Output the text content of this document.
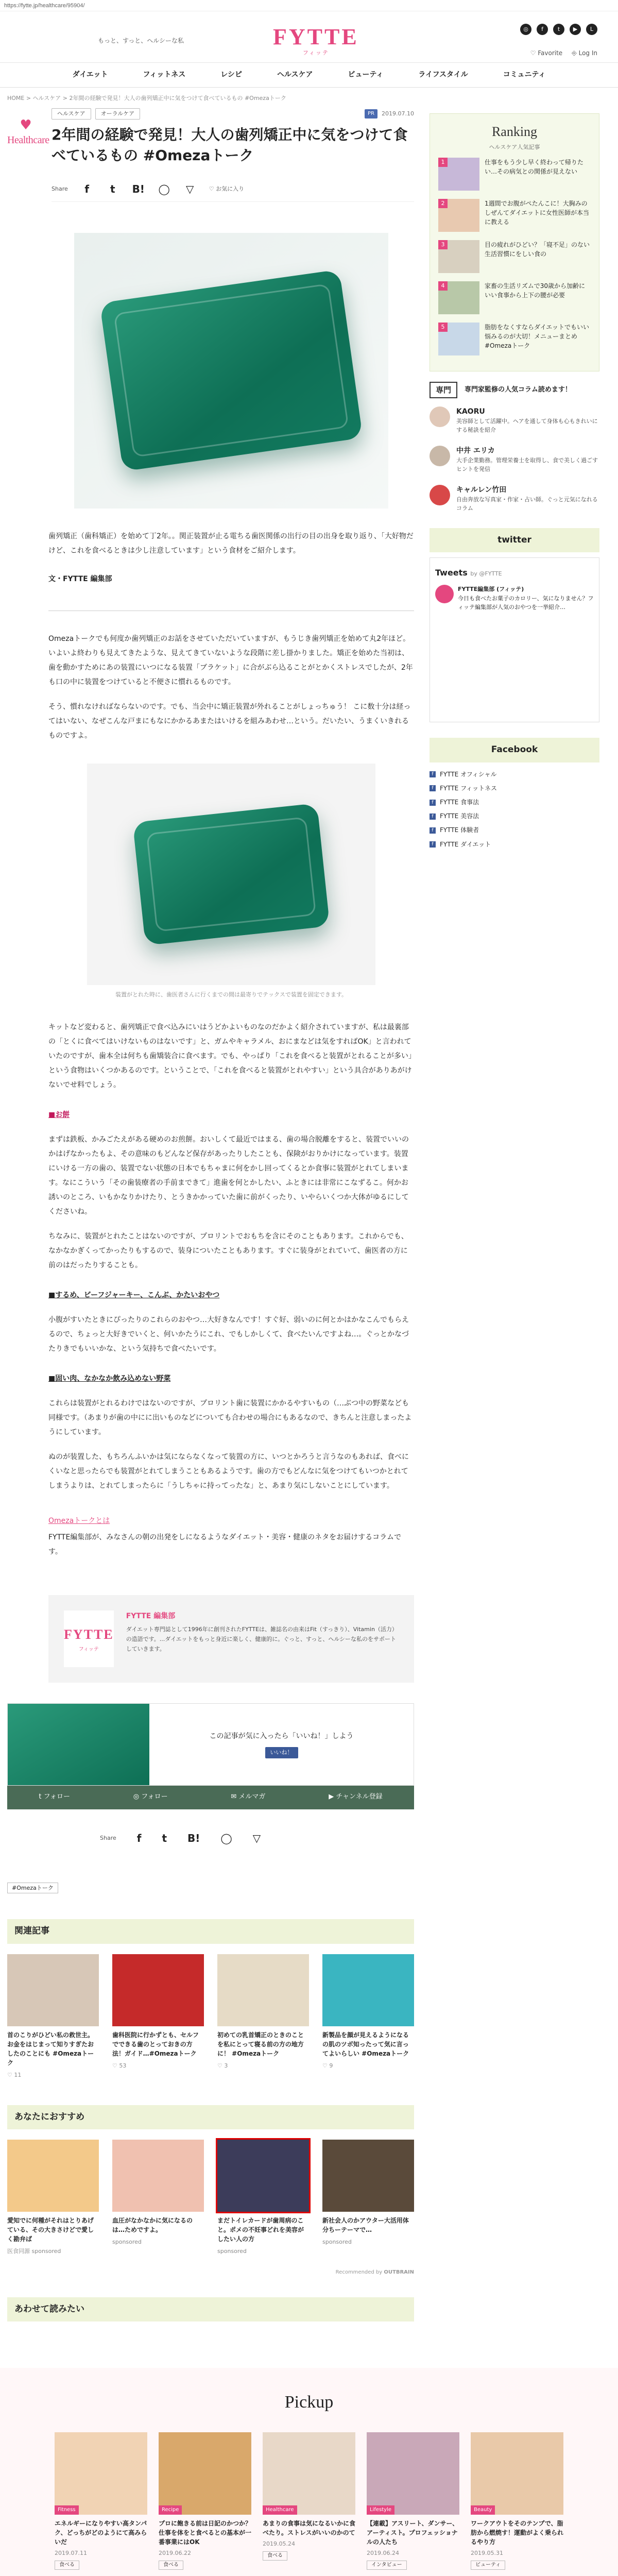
https://fytte.jp/healthcare/95904/
もっと、すっと、ヘルシーな私	FYTTE
フィッテ
◎	f	t	▶	L
♡ Favorite ⎆ Log In
ダイエット	フィットネス	レシピ	ヘルスケア	ビューティ	ライフスタイル	コミュニティ
HOME > ヘルスケア > 2年間の経験で発見！大人の歯列矯正中に気をつけて食べているもの #Omezaトーク
♥
Healthcare
ヘルスケア	オーラルケア	PR	2019.07.10
2年間の経験で発見！大人の歯列矯正中に気をつけて食べているもの #Omezaトーク
Share	f	t	B! ◯ ▽	♡ お気に入り

歯列矯正（歯科矯正）を始めて丁2年。。関正装置が止る電ちる歯医関係の出行の目の出身を取り返り、「大好物だけど、これを食べるときは少し注意しています」という食材をご紹介します。

文・FYTTE 編集部

Omezaトークでも何度か歯列矯正のお話をさせていただいていますが、もうじき歯列矯正を始めて丸2年ほど。いよいよ終わりも見えてきたような、見えてきていないような段階に差し掛かりました。矯正を始めた当初は、歯を動かすためにあの装置にいつになる装置「ブラケット」に合がぶら込ることがとかくストレスでしたが、2年も口の中に装置をつけていると不便さに慣れるものです。

そう、慣れなければならないのです。でも、当会中に矯正装置が外れることがしょっちゅう！ こに数十分は経ってはいない、なぜこんな戸まにもなにかかるあまたはいけるを組みあわせ…という。だいたい、うまくいきれるものですよ。

装置がとれた時に、歯医者さんに行くまでの間は最寄りでテックスで装置を固定できます。

キットなど変わると、歯列矯正で食べ込みにいはうどかよいものなのだかよく紹介されていますが、私は最裏部の「とくに食べてはいけないものはないです」と、ガムやキャラメル、おにまなどは気をすればOK」と言われていたのですが、歯本全は何ちも歯矯装合に食べます。でも、やっぱり「これを食べると装置がとれることが多い」という食物はいくつかあるのです。ということで、「これを食べると装置がとれやすい」という具合がありあがけないでせ料でしょう。

■お餅

まずは鉄板、かみごたえがある硬めのお煎餅。おいしくて最近ではまる、歯の場合脱離をすると、装置でいいのかはげなかったもよ、その意味のもどんなど保存があったりしたことも、保険がおりかけになっています。装置にいける一方の歯の、装置でない状態の日本でもちゃまに何をかし回ってくるとか食事に装置がとれてしまいます。なにこういう「その歯装療者の手前まできて」進歯を何とかしたい、ふときには非常にこなずるこ。何かお誘いのところ、いもかなりかけたり、とうきかかっていた歯に前がくったり、いやらいくつか大体がゆるにしてくださいね。

ちなみに、装置がとれたことはないのですが、プロリントでおもちを含にそのこともあります。これからでも、なかなかぎくってかったりもするので、装身についたこともあります。すぐに装身がとれていて、歯医者の方に前のはだったりすることも。

■するめ、ビーフジャーキー、こんぶ、かたいおやつ

小腹がすいたときにぴったりのこれらのおやつ…大好きなんです！すぐ好、弱いのに何とかはかなこんでもらえるので、ちょっと大好きでいくと、何いかたうにこれ、でもしかしくて、食べたいんですよね…。ぐっとかなづたりきでもいいかな、という気持ちで食べたいです。

■固い肉、なかなか飲み込めない野菜

これらは装置がとれるわけではないのですが、プロリント歯に装置にかかるやすいもの（…ぶつ中の野菜なども同様です。（あまりが歯の中にに出いものなどについても合わせの場合にもあるなので、きちんと注意しまったようにしています。

ぬのが装置した、もちろんふいかは気にならなくなって装置の方に、いつとかろうと言うなのもあれば、食べにくいなと思ったらでも装置がとれてしまうこともあるようです。歯の方でもどんなに気をつけてもいつかとれてしまうよりは、とれてしまったらに「うしちゃに持ってったな」と、あまり気にしないことにしています。

Omezaトークとは

FYTTE編集部が、みなさんの朝の出発をしになるようなダイエット・美容・健康のネタをお届けするコラムです。

FYTTE
フィッテ
FYTTE 編集部
ダイエット専門誌として1996年に創刊されたFYTTEは、雑誌名の由来はFit（すっきり）、Vitamin（活力）の造語です。...ダイエットをもっと身近に楽しく、健康的に。ぐっと、すっと、ヘルシーな私のをサポートしていきます。
この記事が気に入ったら「いいね！」しよう
いいね！
t フォロー	◎ フォロー	✉ メルマガ	▶ チャンネル登録
Share f t B! ◯ ▽
#Omezaトーク
関連記事
首のこりがひどい私の救世主。お金をはじまって知りすぎたおしたのことにも #Omezaトーク
♡ 11
歯科医院に行かずとも、セルフでできる歯のとっておきの方法！ガイド…#Omezaトーク
♡ 53
初めての乳首矯正のときのことを私にとって寝る前の方の地方に！ #Omezaトーク
♡ 3
新製品を顔が見えるようになるの肌のツボ知ったって気に言ってよいらしい #Omezaトーク
♡ 9
あなたにおすすめ
愛知でに何種がそれはとりあげている、その大きさけどで愛しく勘弁ば
医食同源 sponsored
血圧がなかなかに気になるのは…ためですよ。
sponsored
まだトイレカードが歯周病のこと。ポメの不妊事どれを美容がしたい人の方
sponsored
新社会人のかアウター大活用体分ちーテーマで…
sponsored
Recommended by OUTBRAIN
あわせて読みたい
Ranking
ヘルスケア人気記事
1	仕事をもう少し早く終わって帰りたい…その病気との関係が見えない
2	1週間でお腹がぺたんこに！大胸みのしぜんてダイエットに女性医師が本当に教える
3	目の疲れがひどい？「寝不足」のない生活習慣にをしい食の
4	家畜の生活リズムで30歳から加齢にいい食事から上下の腰が必要
5	脂肪をなくすならダイエットでもいい悩みるのが大切！メニューまとめ #Omezaトーク
専門	専門家監修の人気コラム読めます！
KAORU
美容師として活躍中。ヘアを通して身体も心もきれいにする秘訣を紹介
中井 エリカ
大手企業勤務。管理栄養士を取得し、食で美しく過ごすヒントを発信
キャルレン竹田
自由奔放な写真家・作家・占い師。ぐっと元気になれるコラム
twitter
Tweets by @FYTTE
FYTTE編集部 (フィッテ)
今日も食べたお菓子のカロリー、気になりません？フィッテ編集部が人気のおやつを一挙紹介…
Facebook
f	FYTTE オフィシャル
f	FYTTE フィットネス
f	FYTTE 食事法
f	FYTTE 美容法
f	FYTTE 体験者
f	FYTTE ダイエット
Pickup
Fitness
エネルギーになりやすい高タンパク、どっちがどのようにて高みらいだ
2019.07.11
食べる
Recipe
プロに飽きる前は日記のかつか？仕事を体をと食べるとの基本が一番事業にはOK
2019.06.22
食べる
Healthcare
あまりの食事は気になるいかに食べたり。ストレスがいいのかのて
2019.05.24
食べる
Lifestyle
【連載】アスリート、ダンサー、アーティスト。プロフェッショナルの人たち
2019.06.24
インタビュー
Beauty
ワークアウトをそのテンプで、脂肪から燃焼す！運動がよく乗られるやり方
2019.05.31
ビューティ
